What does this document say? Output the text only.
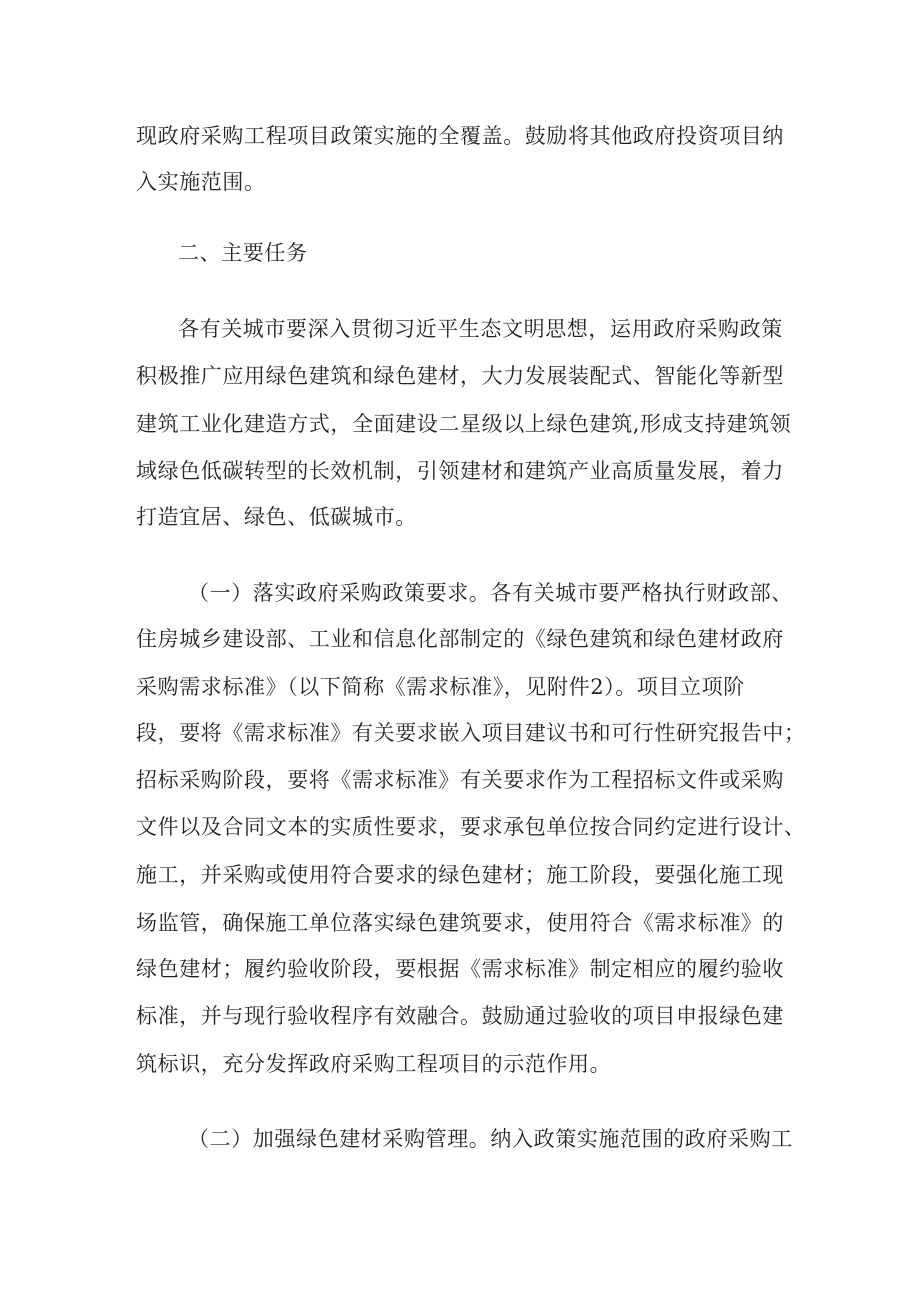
现政府采购工程项目政策实施的全覆盖。鼓励将其他政府投资项目纳

入实施范围。

二、主要任务

各有关城市要深入贯彻习近平生态文明思想，运用政府采购政策

积极推广应用绿色建筑和绿色建材，大力发展装配式、智能化等新型

建筑工业化建造方式，全面建设二星级以上绿色建筑,形成支持建筑领

域绿色低碳转型的长效机制，引领建材和建筑产业高质量发展，着力

打造宜居、绿色、低碳城市。

（一）落实政府采购政策要求。各有关城市要严格执行财政部、

住房城乡建设部、工业和信息化部制定的《绿色建筑和绿色建材政府

采购需求标准》（以下简称《需求标准》，见附件2）。项目立项阶

段，要将《需求标准》有关要求嵌入项目建议书和可行性研究报告中；

招标采购阶段，要将《需求标准》有关要求作为工程招标文件或采购

文件以及合同文本的实质性要求，要求承包单位按合同约定进行设计、

施工，并采购或使用符合要求的绿色建材；施工阶段，要强化施工现

场监管，确保施工单位落实绿色建筑要求，使用符合《需求标准》的

绿色建材；履约验收阶段，要根据《需求标准》制定相应的履约验收

标准，并与现行验收程序有效融合。鼓励通过验收的项目申报绿色建

筑标识，充分发挥政府采购工程项目的示范作用。

（二）加强绿色建材采购管理。纳入政策实施范围的政府采购工
